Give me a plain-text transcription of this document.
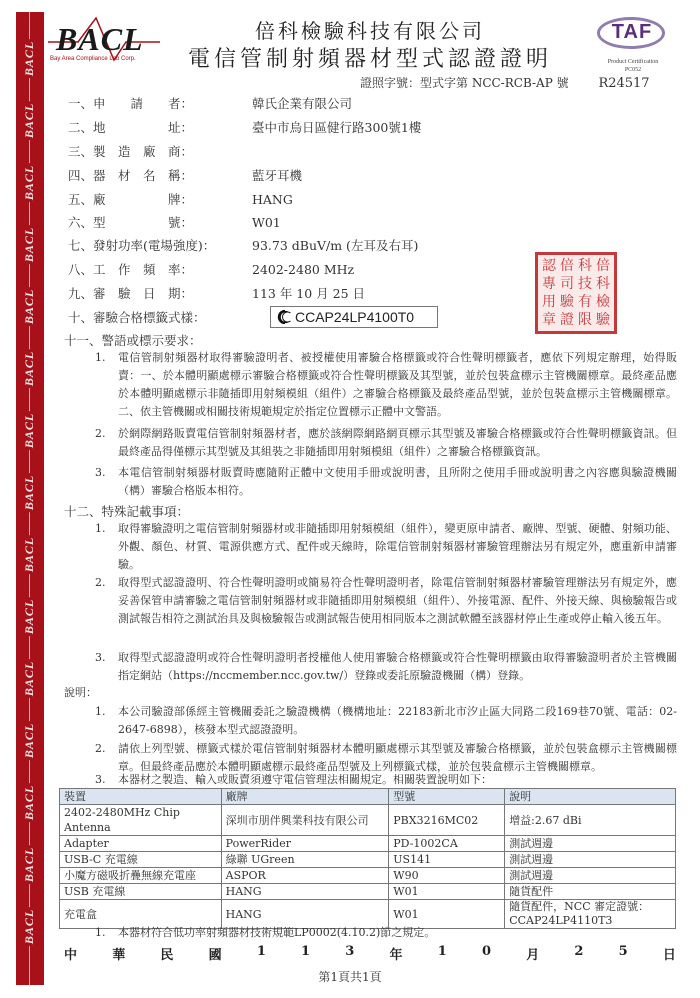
BACL
BACL
BACL
BACL
BACL
BACL
BACL
BACL
BACL
BACL
BACL
BACL
BACL
BACL
BACL
BACL
Bay Area Compliance Lab Corp.
倍科檢驗科技有限公司
電信管制射頻器材型式認證證明
TAF
Product Certification
PC052
證照字號：型式字第 NCC-RCB-AP 號 R24517
一、申　　請　　者：	韓氏企業有限公司
二、地　　　　　址：	臺中市烏日區健行路300號1樓
三、製　造　廠　商：
四、器　材　名　稱：	藍牙耳機
五、廠　　　　　牌：	HANG
六、型　　　　　號：	W01
七、發射功率(電場強度)：	93.73 dBuV/m (左耳及右耳)
八、工　作　頻　率：	2402-2480 MHz
九、審　驗　日　期：	113 年 10 月 25 日
十、審驗合格標籤式樣：	CCAP24LP4100T0
認 倍 科 倍
專 司 技 科
用 驗 有 檢
章 證 限 驗
十一、警語或標示要求：
1. 電信管制射頻器材取得審驗證明者、被授權使用審驗合格標籤或符合性聲明標籤者，應依下列規定辦理，始得販賣：一、於本體明顯處標示審驗合格標籤或符合性聲明標籤及其型號，並於包裝盒標示主管機關標章。最終產品應於本體明顯處標示非隨插即用射頻模組（組件）之審驗合格標籤及最終產品型號，並於包裝盒標示主管機關標章。二、依主管機關或相關技術規範規定於指定位置標示正體中文警語。
2. 於網際網路販賣電信管制射頻器材者，應於該網際網路網頁標示其型號及審驗合格標籤或符合性聲明標籤資訊。但最終產品得僅標示其型號及其組裝之非隨插即用射頻模組（組件）之審驗合格標籤資訊。
3. 本電信管制射頻器材販賣時應隨附正體中文使用手冊或說明書，且所附之使用手冊或說明書之內容應與驗證機關（構）審驗合格版本相符。
十二、特殊記載事項：
1. 取得審驗證明之電信管制射頻器材或非隨插即用射頻模組（組件），變更原申請者、廠牌、型號、硬體、射頻功能、外觀、顏色、材質、電源供應方式、配件或天線時，除電信管制射頻器材審驗管理辦法另有規定外，應重新申請審驗。
2. 取得型式認證證明、符合性聲明證明或簡易符合性聲明證明者，除電信管制射頻器材審驗管理辦法另有規定外，應妥善保管申請審驗之電信管制射頻器材或非隨插即用射頻模組（組件）、外接電源、配件、外接天線、與檢驗報告或測試報告相符之測試治具及與檢驗報告或測試報告使用相同版本之測試軟體至該器材停止生產或停止輸入後五年。
3. 取得型式認證證明或符合性聲明證明者授權他人使用審驗合格標籤或符合性聲明標籤由取得審驗證明者於主管機關指定網站（https://nccmember.ncc.gov.tw/）登錄或委託原驗證機關（構）登錄。
說明：
1. 本公司驗證部係經主管機關委託之驗證機構（機構地址：22183新北市汐止區大同路二段169巷70號、電話：02-2647-6898），核發本型式認證證明。
2. 請依上列型號、標籤式樣於電信管制射頻器材本體明顯處標示其型號及審驗合格標籤，並於包裝盒標示主管機關標章。但最終產品應於本體明顯處標示最終產品型號及上列標籤式樣，並於包裝盒標示主管機關標章。
3. 本器材之製造、輸入或販賣須遵守電信管理法相關規定。相關裝置說明如下：
裝置	廠牌	型號	說明
2402-2480MHz Chip Antenna	深圳市朋伴興業科技有限公司	PBX3216MC02	增益:2.67 dBi
Adapter	PowerRider	PD-1002CA	測試週邊
USB-C 充電線	綠聯 UGreen	US141	測試週邊
小魔方磁吸折疊無線充電座	ASPOR	W90	測試週邊
USB 充電線	HANG	W01	隨貨配件
充電盒	HANG	W01	隨貨配件，NCC 審定證號：CCAP24LP4110T3
1. 本器材符合低功率射頻器材技術規範LP0002(4.10.2)節之規定。
中	華	民	國	1	1	3	年	1	0	月	2	5	日
第1頁共1頁
